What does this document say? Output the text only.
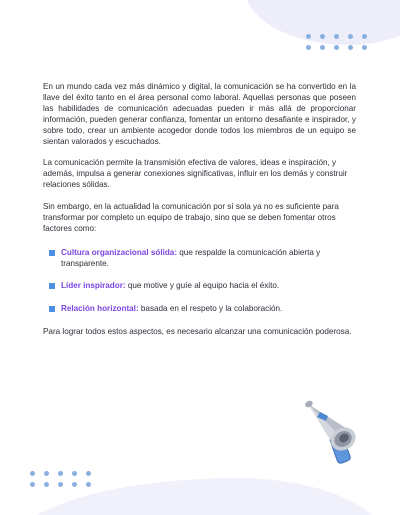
En un mundo cada vez más dinámico y digital, la comunicación se ha convertido en la llave del éxito tanto en el área personal como laboral. Aquellas personas que poseen las habilidades de comunicación adecuadas pueden ir más allá de proporcionar información, pueden generar confianza, fomentar un entorno desafiante e inspirador, y sobre todo, crear un ambiente acogedor donde todos los miembros de un equipo se sientan valorados y escuchados.

La comunicación permite la transmisión efectiva de valores, ideas e inspiración, y además, impulsa a generar conexiones significativas, influir en los demás y construir relaciones sólidas.

Sin embargo, en la actualidad la comunicación por sí sola ya no es suficiente para transformar por completo un equipo de trabajo, sino que se deben fomentar otros factores como:

Cultura organizacional sólida: que respalde la comunicación abierta y transparente.
Líder inspirador: que motive y guíe al equipo hacia el éxito.
Relación horizontal: basada en el respeto y la colaboración.

Para lograr todos estos aspectos, es necesario alcanzar una comunicación poderosa.
